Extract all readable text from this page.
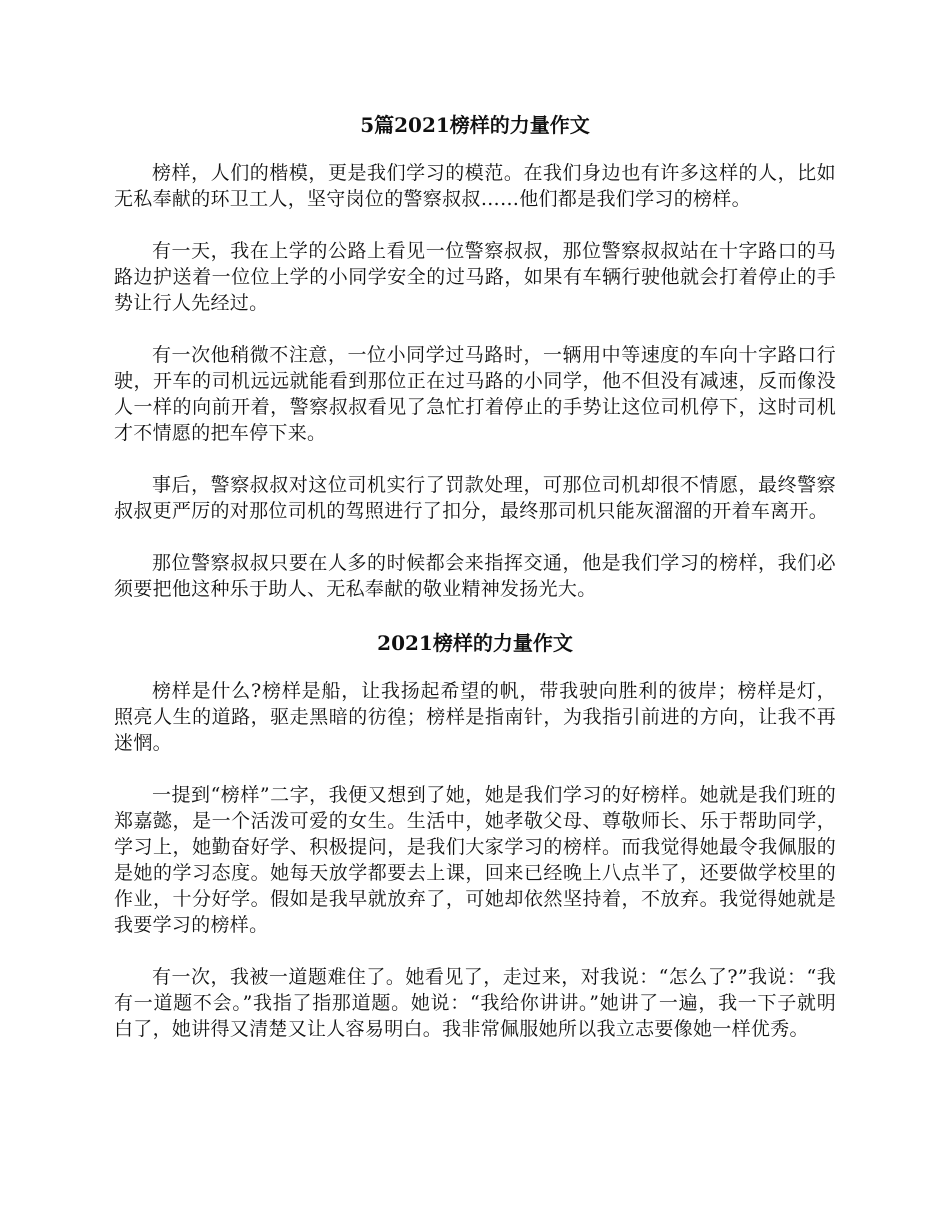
5篇2021榜样的力量作文

榜样，人们的楷模，更是我们学习的模范。在我们身边也有许多这样的人，比如无私奉献的环卫工人，坚守岗位的警察叔叔……他们都是我们学习的榜样。

有一天，我在上学的公路上看见一位警察叔叔，那位警察叔叔站在十字路口的马路边护送着一位位上学的小同学安全的过马路，如果有车辆行驶他就会打着停止的手势让行人先经过。

有一次他稍微不注意，一位小同学过马路时，一辆用中等速度的车向十字路口行驶，开车的司机远远就能看到那位正在过马路的小同学，他不但没有减速，反而像没人一样的向前开着，警察叔叔看见了急忙打着停止的手势让这位司机停下，这时司机才不情愿的把车停下来。

事后，警察叔叔对这位司机实行了罚款处理，可那位司机却很不情愿，最终警察叔叔更严厉的对那位司机的驾照进行了扣分，最终那司机只能灰溜溜的开着车离开。

那位警察叔叔只要在人多的时候都会来指挥交通，他是我们学习的榜样，我们必须要把他这种乐于助人、无私奉献的敬业精神发扬光大。

2021榜样的力量作文

榜样是什么?榜样是船，让我扬起希望的帆，带我驶向胜利的彼岸；榜样是灯，照亮人生的道路，驱走黑暗的彷徨；榜样是指南针，为我指引前进的方向，让我不再迷惘。

一提到“榜样”二字，我便又想到了她，她是我们学习的好榜样。她就是我们班的郑嘉懿，是一个活泼可爱的女生。生活中，她孝敬父母、尊敬师长、乐于帮助同学，学习上，她勤奋好学、积极提问，是我们大家学习的榜样。而我觉得她最令我佩服的是她的学习态度。她每天放学都要去上课，回来已经晚上八点半了，还要做学校里的作业，十分好学。假如是我早就放弃了，可她却依然坚持着，不放弃。我觉得她就是我要学习的榜样。

有一次，我被一道题难住了。她看见了，走过来，对我说：“怎么了?”我说：“我有一道题不会。”我指了指那道题。她说：“我给你讲讲。”她讲了一遍，我一下子就明白了，她讲得又清楚又让人容易明白。我非常佩服她所以我立志要像她一样优秀。
